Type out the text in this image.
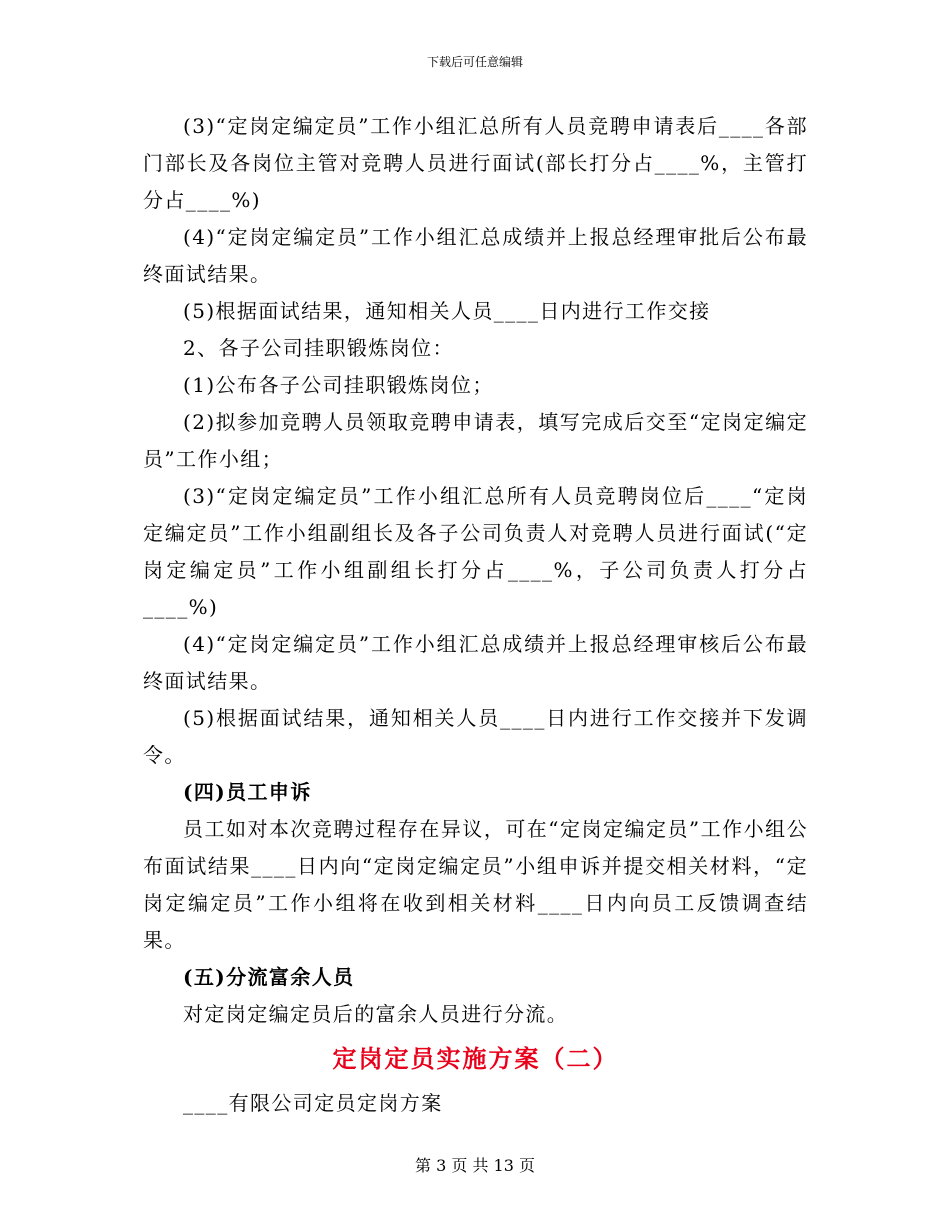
下载后可任意编辑

(3)“定岗定编定员”工作小组汇总所有人员竞聘申请表后____各部门部长及各岗位主管对竞聘人员进行面试(部长打分占____%，主管打分占____%)

(4)“定岗定编定员”工作小组汇总成绩并上报总经理审批后公布最终面试结果。

(5)根据面试结果，通知相关人员____日内进行工作交接

2、各子公司挂职锻炼岗位：

(1)公布各子公司挂职锻炼岗位；

(2)拟参加竞聘人员领取竞聘申请表，填写完成后交至“定岗定编定员”工作小组；

(3)“定岗定编定员”工作小组汇总所有人员竞聘岗位后____“定岗定编定员”工作小组副组长及各子公司负责人对竞聘人员进行面试(“定岗定编定员”工作小组副组长打分占____%，子公司负责人打分占____%)

(4)“定岗定编定员”工作小组汇总成绩并上报总经理审核后公布最终面试结果。

(5)根据面试结果，通知相关人员____日内进行工作交接并下发调令。

(四)员工申诉

员工如对本次竞聘过程存在异议，可在“定岗定编定员”工作小组公布面试结果____日内向“定岗定编定员”小组申诉并提交相关材料，“定岗定编定员”工作小组将在收到相关材料____日内向员工反馈调查结果。

(五)分流富余人员

对定岗定编定员后的富余人员进行分流。

定岗定员实施方案（二）

____有限公司定员定岗方案

第 3 页 共 13 页
